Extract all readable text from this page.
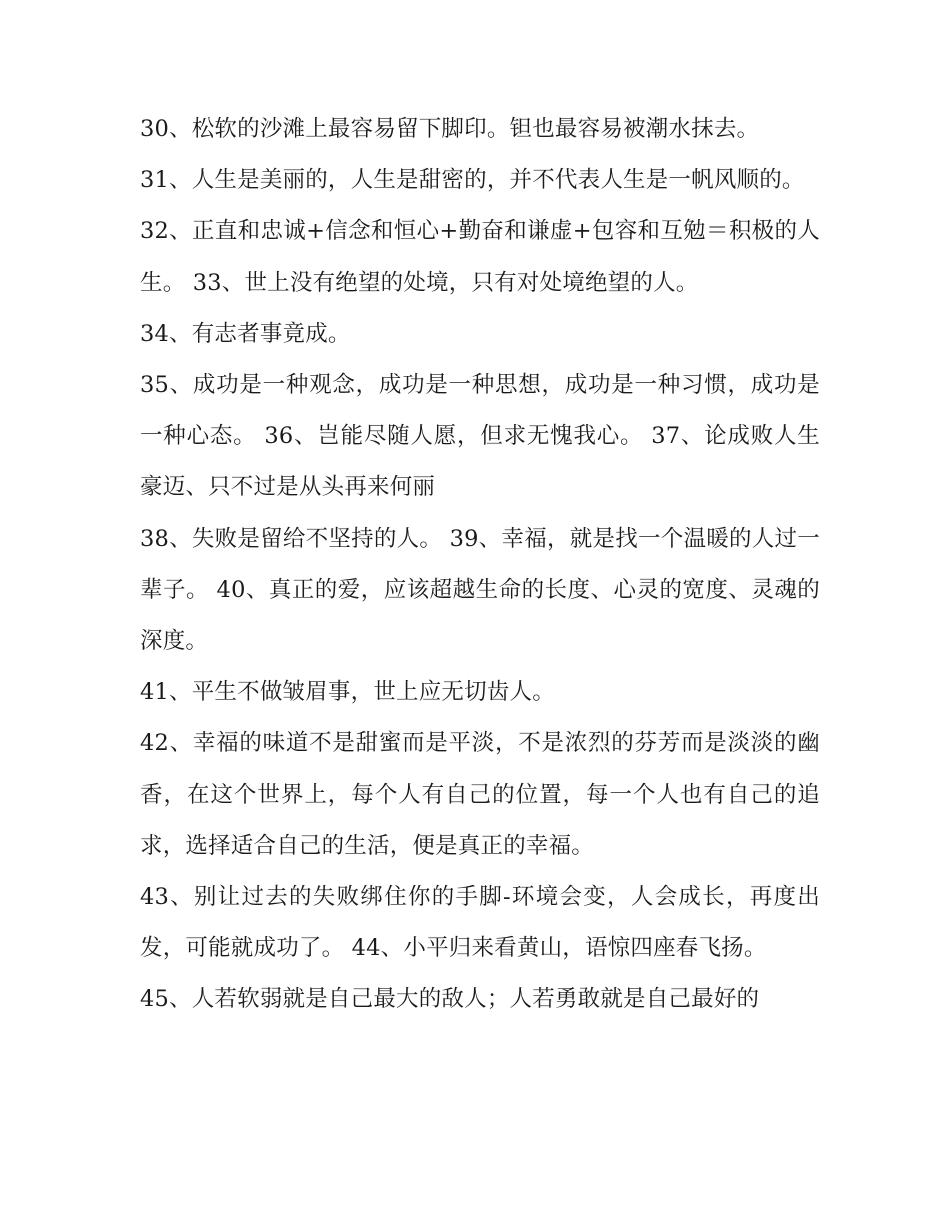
30、松软的沙滩上最容易留下脚印。钽也最容易被潮水抹去。

31、人生是美丽的，人生是甜密的，并不代表人生是一帆风顺的。

32、正直和忠诚+信念和恒心+勤奋和谦虚+包容和互勉＝积极的人生。 33、世上没有绝望的处境，只有对处境绝望的人。

34、有志者事竟成。

35、成功是一种观念，成功是一种思想，成功是一种习惯，成功是一种心态。 36、岂能尽随人愿，但求无愧我心。 37、论成败人生豪迈、只不过是从头再来何丽

38、失败是留给不坚持的人。 39、幸福，就是找一个温暖的人过一辈子。 40、真正的爱，应该超越生命的长度、心灵的宽度、灵魂的深度。

41、平生不做皱眉事，世上应无切齿人。

42、幸福的味道不是甜蜜而是平淡，不是浓烈的芬芳而是淡淡的幽香，在这个世界上，每个人有自己的位置，每一个人也有自己的追求，选择适合自己的生活，便是真正的幸福。

43、别让过去的失败绑住你的手脚-环境会变，人会成长，再度出发，可能就成功了。 44、小平归来看黄山，语惊四座春飞扬。

45、人若软弱就是自己最大的敌人；人若勇敢就是自己最好的
